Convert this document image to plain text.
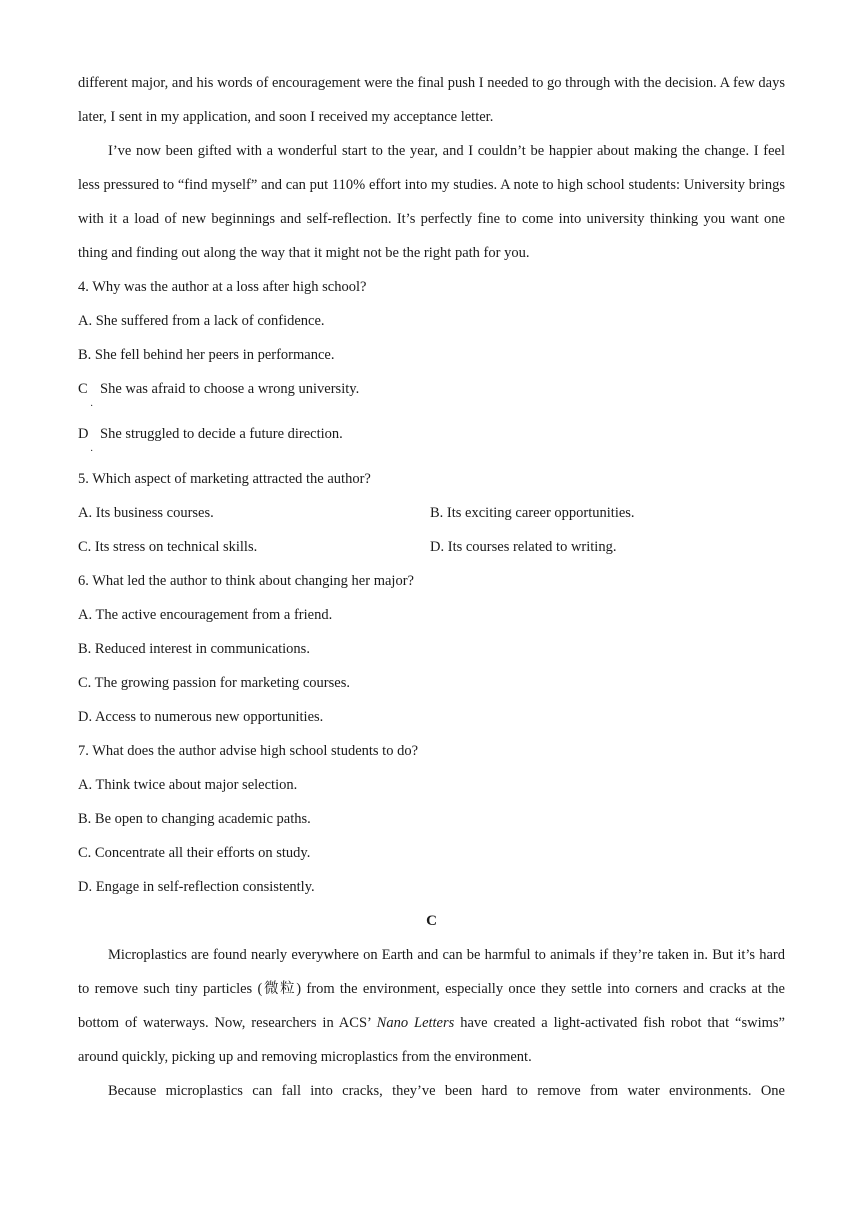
different major, and his words of encouragement were the final push I needed to go through with the decision. A few days later, I sent in my application, and soon I received my acceptance letter.

I’ve now been gifted with a wonderful start to the year, and I couldn’t be happier about making the change. I feel less pressured to “find myself” and can put 110% effort into my studies. A note to high school students: University brings with it a load of new beginnings and self-reflection. It’s perfectly fine to come into university thinking you want one thing and finding out along the way that it might not be the right path for you.

4. Why was the author at a loss after high school?
A. She suffered from a lack of confidence.
B. She fell behind her peers in performance.
C She was afraid to choose a wrong university.
·
D She struggled to decide a future direction.
·
5. Which aspect of marketing attracted the author?
A. Its business courses.	B. Its exciting career opportunities.
C. Its stress on technical skills.	D. Its courses related to writing.
6. What led the author to think about changing her major?
A. The active encouragement from a friend.
B. Reduced interest in communications.
C. The growing passion for marketing courses.
D. Access to numerous new opportunities.
7. What does the author advise high school students to do?
A. Think twice about major selection.
B. Be open to changing academic paths.
C. Concentrate all their efforts on study.
D. Engage in self-reflection consistently.
C

Microplastics are found nearly everywhere on Earth and can be harmful to animals if they’re taken in. But it’s hard to remove such tiny particles (微粒) from the environment, especially once they settle into corners and cracks at the bottom of waterways. Now, researchers in ACS’ Nano Letters have created a light-activated fish robot that “swims” around quickly, picking up and removing microplastics from the environment.

Because microplastics can fall into cracks, they’ve been hard to remove from water environments. One
